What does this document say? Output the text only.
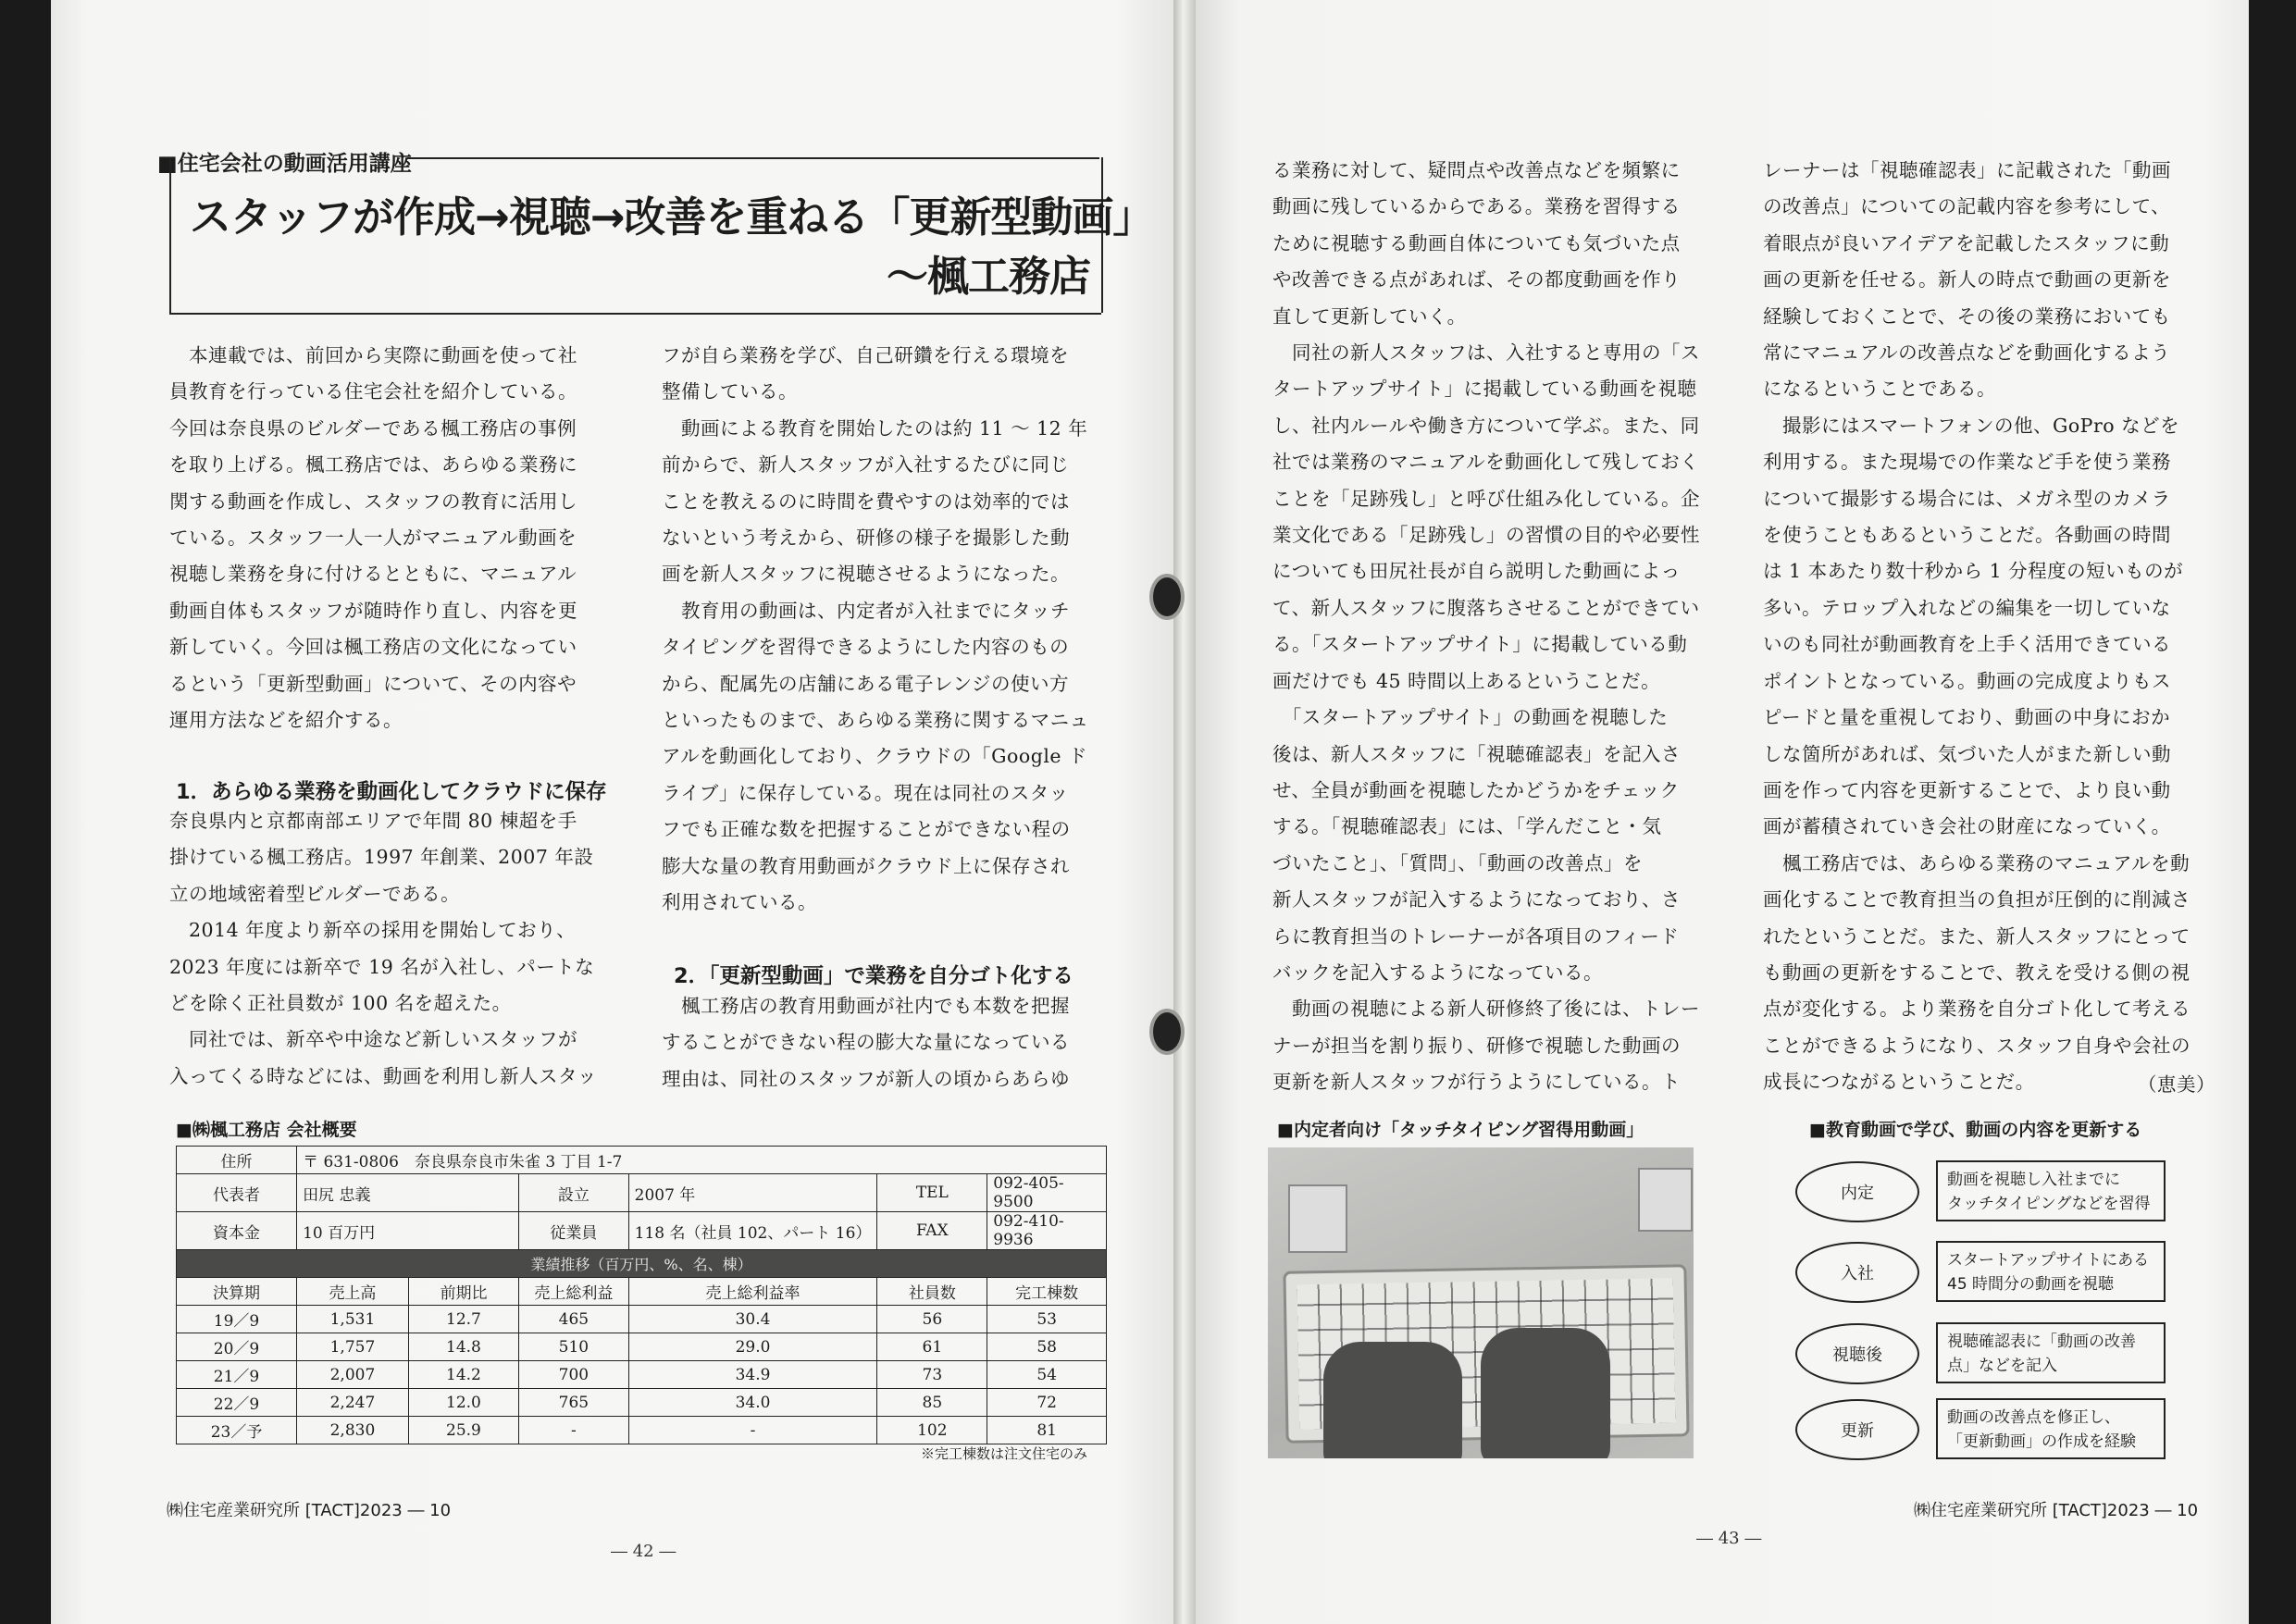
■住宅会社の動画活用講座
スタッフが作成→視聴→改善を重ねる「更新型動画」
～楓工務店
　本連載では、前回から実際に動画を使って社
員教育を行っている住宅会社を紹介している。
今回は奈良県のビルダーである楓工務店の事例
を取り上げる。楓工務店では、あらゆる業務に
関する動画を作成し、スタッフの教育に活用し
ている。スタッフ一人一人がマニュアル動画を
視聴し業務を身に付けるとともに、マニュアル
動画自体もスタッフが随時作り直し、内容を更
新していく。今回は楓工務店の文化になってい
るという「更新型動画」について、その内容や
運用方法などを紹介する。
1．あらゆる業務を動画化してクラウドに保存
奈良県内と京都南部エリアで年間 80 棟超を手
掛けている楓工務店。1997 年創業、2007 年設
立の地域密着型ビルダーである。
　2014 年度より新卒の採用を開始しており、
2023 年度には新卒で 19 名が入社し、パートな
どを除く正社員数が 100 名を超えた。
　同社では、新卒や中途など新しいスタッフが
入ってくる時などには、動画を利用し新人スタッ
フが自ら業務を学び、自己研鑽を行える環境を
整備している。
　動画による教育を開始したのは約 11 ～ 12 年
前からで、新人スタッフが入社するたびに同じ
ことを教えるのに時間を費やすのは効率的では
ないという考えから、研修の様子を撮影した動
画を新人スタッフに視聴させるようになった。
　教育用の動画は、内定者が入社までにタッチ
タイピングを習得できるようにした内容のもの
から、配属先の店舗にある電子レンジの使い方
といったものまで、あらゆる業務に関するマニュ
アルを動画化しており、クラウドの「Google ド
ライブ」に保存している。現在は同社のスタッ
フでも正確な数を把握することができない程の
膨大な量の教育用動画がクラウド上に保存され
利用されている。
2．「更新型動画」で業務を自分ゴト化する
　楓工務店の教育用動画が社内でも本数を把握
することができない程の膨大な量になっている
理由は、同社のスタッフが新人の頃からあらゆ
■㈱楓工務店 会社概要
住所	〒 631-0806　奈良県奈良市朱雀 3 丁目 1-7					
代表者	田尻 忠義		設立	2007 年	TEL	092-405-9500
資本金	10 百万円		従業員	118 名（社員 102、パート 16）	FAX	092-410-9936
業績推移（百万円、%、名、棟）						
決算期	売上高	前期比	売上総利益	売上総利益率	社員数	完工棟数
19／9	1,531	12.7	465	30.4	56	53
20／9	1,757	14.8	510	29.0	61	58
21／9	2,007	14.2	700	34.9	73	54
22／9	2,247	12.0	765	34.0	85	72
23／予	2,830	25.9	-	-	102	81
※完工棟数は注文住宅のみ
㈱住宅産業研究所 [TACT]2023 ― 10
― 42 ―
る業務に対して、疑問点や改善点などを頻繁に
動画に残しているからである。業務を習得する
ために視聴する動画自体についても気づいた点
や改善できる点があれば、その都度動画を作り
直して更新していく。
　同社の新人スタッフは、入社すると専用の「ス
タートアップサイト」に掲載している動画を視聴
し、社内ルールや働き方について学ぶ。また、同
社では業務のマニュアルを動画化して残しておく
ことを「足跡残し」と呼び仕組み化している。企
業文化である「足跡残し」の習慣の目的や必要性
についても田尻社長が自ら説明した動画によっ
て、新人スタッフに腹落ちさせることができてい
る。「スタートアップサイト」に掲載している動
画だけでも 45 時間以上あるということだ。
　「スタートアップサイト」の動画を視聴した
後は、新人スタッフに「視聴確認表」を記入さ
せ、全員が動画を視聴したかどうかをチェック
する。「視聴確認表」には、「学んだこと・気
づいたこと」、「質問」、「動画の改善点」を
新人スタッフが記入するようになっており、さ
らに教育担当のトレーナーが各項目のフィード
バックを記入するようになっている。
　動画の視聴による新人研修終了後には、トレー
ナーが担当を割り振り、研修で視聴した動画の
更新を新人スタッフが行うようにしている。ト
レーナーは「視聴確認表」に記載された「動画
の改善点」についての記載内容を参考にして、
着眼点が良いアイデアを記載したスタッフに動
画の更新を任せる。新人の時点で動画の更新を
経験しておくことで、その後の業務においても
常にマニュアルの改善点などを動画化するよう
になるということである。
　撮影にはスマートフォンの他、GoPro などを
利用する。また現場での作業など手を使う業務
について撮影する場合には、メガネ型のカメラ
を使うこともあるということだ。各動画の時間
は 1 本あたり数十秒から 1 分程度の短いものが
多い。テロップ入れなどの編集を一切していな
いのも同社が動画教育を上手く活用できている
ポイントとなっている。動画の完成度よりもス
ピードと量を重視しており、動画の中身におか
しな箇所があれば、気づいた人がまた新しい動
画を作って内容を更新することで、より良い動
画が蓄積されていき会社の財産になっていく。
　楓工務店では、あらゆる業務のマニュアルを動
画化することで教育担当の負担が圧倒的に削減さ
れたということだ。また、新人スタッフにとって
も動画の更新をすることで、教えを受ける側の視
点が変化する。より業務を自分ゴト化して考える
ことができるようになり、スタッフ自身や会社の
成長につながるということだ。	（恵美）
■内定者向け「タッチタイピング習得用動画」	■教育動画で学び、動画の内容を更新する
内定
動画を視聴し入社までに
タッチタイピングなどを習得
入社
スタートアップサイトにある
45 時間分の動画を視聴
視聴後
視聴確認表に「動画の改善
点」などを記入
更新
動画の改善点を修正し、
「更新動画」の作成を経験
㈱住宅産業研究所 [TACT]2023 ― 10
― 43 ―
